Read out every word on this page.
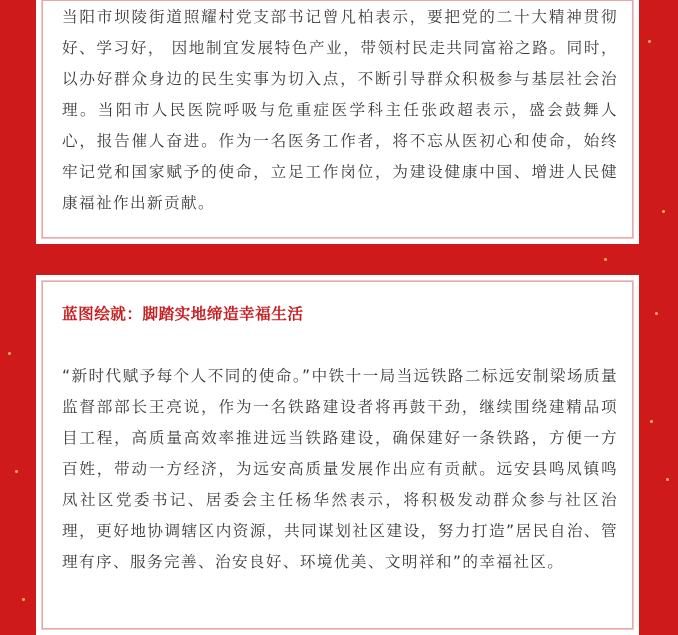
当阳市坝陵街道照耀村党支部书记曾凡柏表示，要把党的二十大精神贯彻好、学习好， 因地制宜发展特色产业，带领村民走共同富裕之路。同时，以办好群众身边的民生实事为切入点，不断引导群众积极参与基层社会治理。当阳市人民医院呼吸与危重症医学科主任张政超表示，盛会鼓舞人心，报告催人奋进。作为一名医务工作者，将不忘从医初心和使命，始终牢记党和国家赋予的使命，立足工作岗位，为建设健康中国、增进人民健康福祉作出新贡献。

蓝图绘就：脚踏实地缔造幸福生活

“新时代赋予每个人不同的使命。”中铁十一局当远铁路二标远安制梁场质量监督部部长王亮说，作为一名铁路建设者将再鼓干劲，继续围绕建精品项目工程，高质量高效率推进远当铁路建设，确保建好一条铁路，方便一方百姓，带动一方经济，为远安高质量发展作出应有贡献。远安县鸣凤镇鸣凤社区党委书记、居委会主任杨华然表示，将积极发动群众参与社区治理，更好地协调辖区内资源，共同谋划社区建设，努力打造”居民自治、管理有序、服务完善、治安良好、环境优美、文明祥和”的幸福社区。
